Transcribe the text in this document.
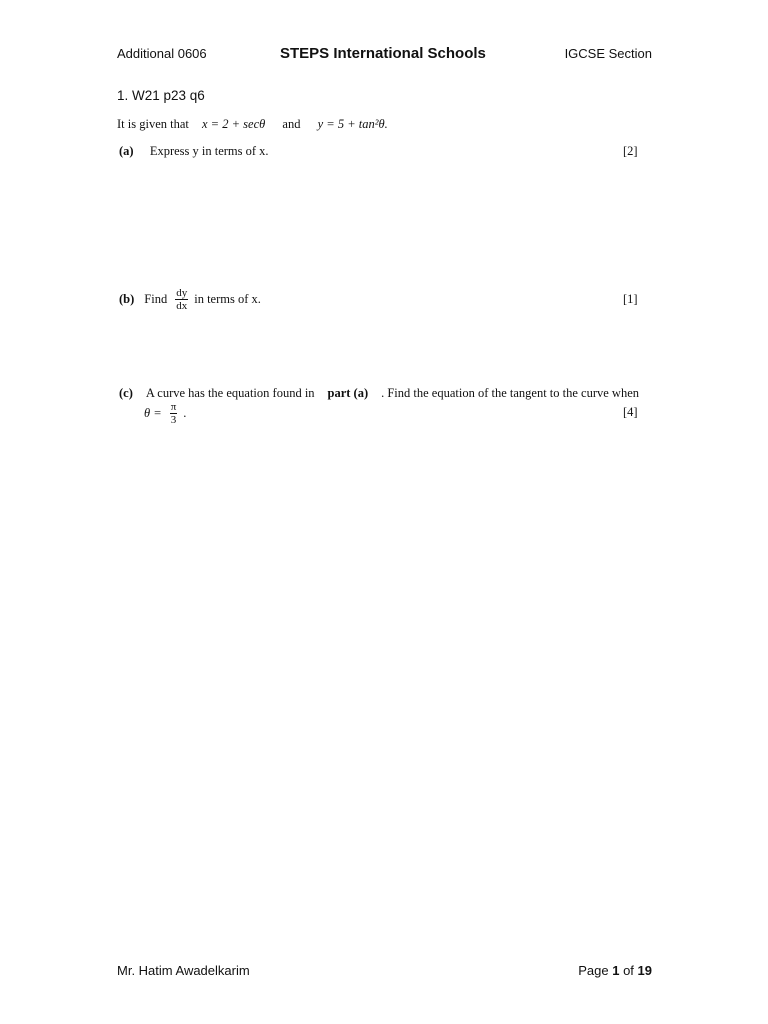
Additional 0606	STEPS International Schools	IGCSE Section
1. W21 p23 q6
It is given that x = 2 + secθ and y = 5 + tan²θ.
(a) Express y in terms of x.	[2]
(b) Find $\frac{dy}{dx}$ in terms of x.	[1]
(c) A curve has the equation found in part (a) . Find the equation of the tangent to the curve when
$\theta = \frac{\pi}{3}$ .	[4]
Mr. Hatim Awadelkarim	Page 1 of 19
